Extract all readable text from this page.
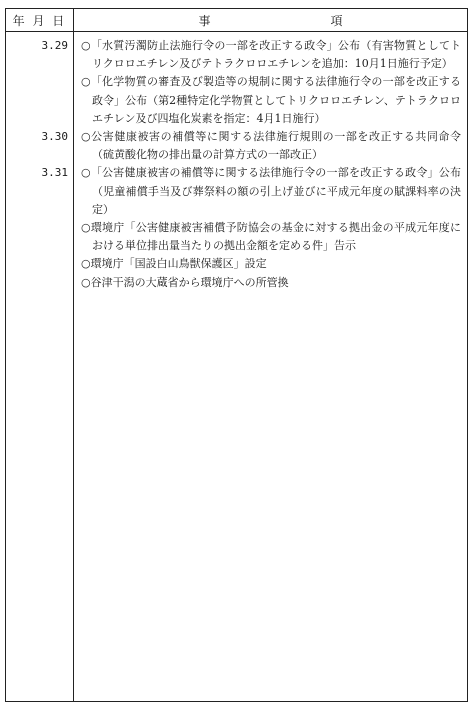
年 月 日	事	項
3.29 ○「水質汚濁防止法施行令の一部を改正する政令」公布（有害物質としてトリクロロエチレン及びテトラクロロエチレンを追加：10月1日施行予定）
○「化学物質の審査及び製造等の規制に関する法律施行令の一部を改正する政令」公布（第2種特定化学物質としてトリクロロエチレン、テトラクロロエチレン及び四塩化炭素を指定：4月1日施行）
3.30 ○公害健康被害の補償等に関する法律施行規則の一部を改正する共同命令（硫黄酸化物の排出量の計算方式の一部改正）
3.31 ○「公害健康被害の補償等に関する法律施行令の一部を改正する政令」公布（児童補償手当及び葬祭料の額の引上げ並びに平成元年度の賦課料率の決定）
○環境庁「公害健康被害補償予防協会の基金に対する拠出金の平成元年度における単位排出量当たりの拠出金額を定める件」告示
○環境庁「国設白山鳥獣保護区」設定
○谷津干潟の大蔵省から環境庁への所管換
